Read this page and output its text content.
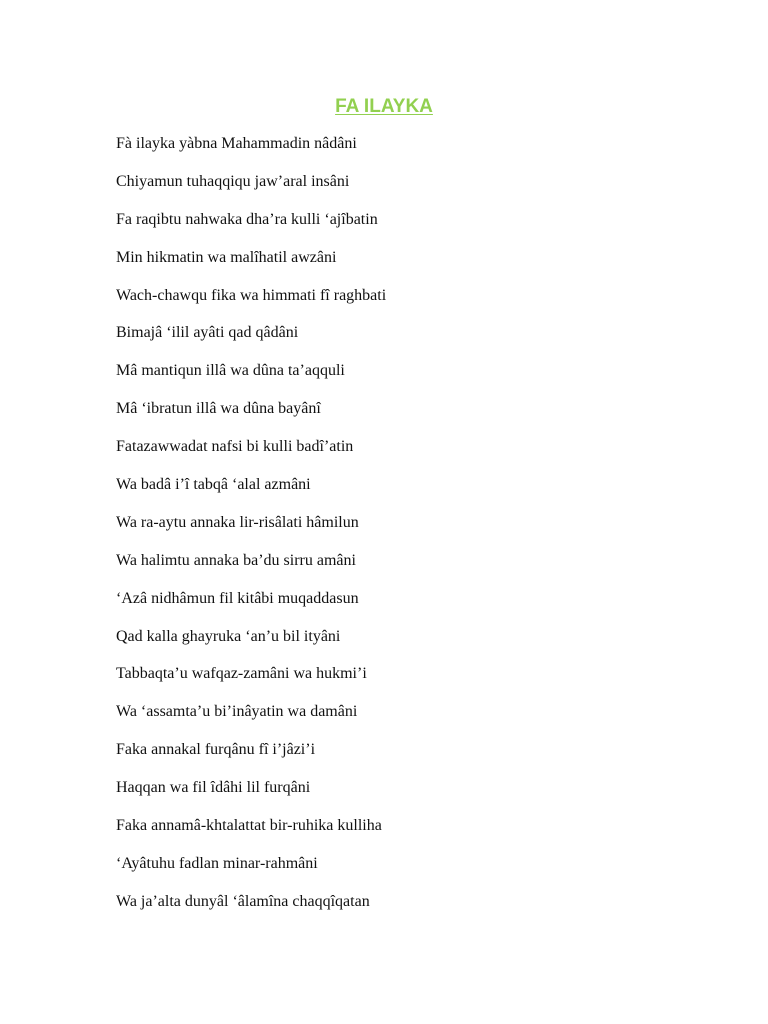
FA ILAYKA
Fà ilayka yàbna Mahammadin nâdâni
Chiyamun tuhaqqiqu jaw’aral insâni
Fa raqibtu nahwaka dha’ra kulli ‘ajîbatin
Min hikmatin wa malîhatil awzâni
Wach-chawqu fika wa himmati fî raghbati
Bimajâ ‘ilil ayâti qad qâdâni
Mâ mantiqun illâ wa dûna ta’aqquli
Mâ ‘ibratun illâ wa dûna bayânî
Fatazawwadat nafsi bi kulli badî’atin
Wa badâ i’î tabqâ ‘alal azmâni
Wa ra-aytu annaka lir-risâlati hâmilun
Wa halimtu annaka ba’du sirru amâni
‘Azâ nidhâmun fil kitâbi muqaddasun
Qad kalla ghayruka ‘an’u bil ityâni
Tabbaqta’u wafqaz-zamâni wa hukmi’i
Wa ‘assamta’u bi’inâyatin wa damâni
Faka annakal furqânu fî i’jâzi’i
Haqqan wa fil îdâhi lil furqâni
Faka annamâ-khtalattat bir-ruhika kulliha
‘Ayâtuhu fadlan minar-rahmâni
Wa ja’alta dunyâl ‘âlamîna chaqqîqatan
